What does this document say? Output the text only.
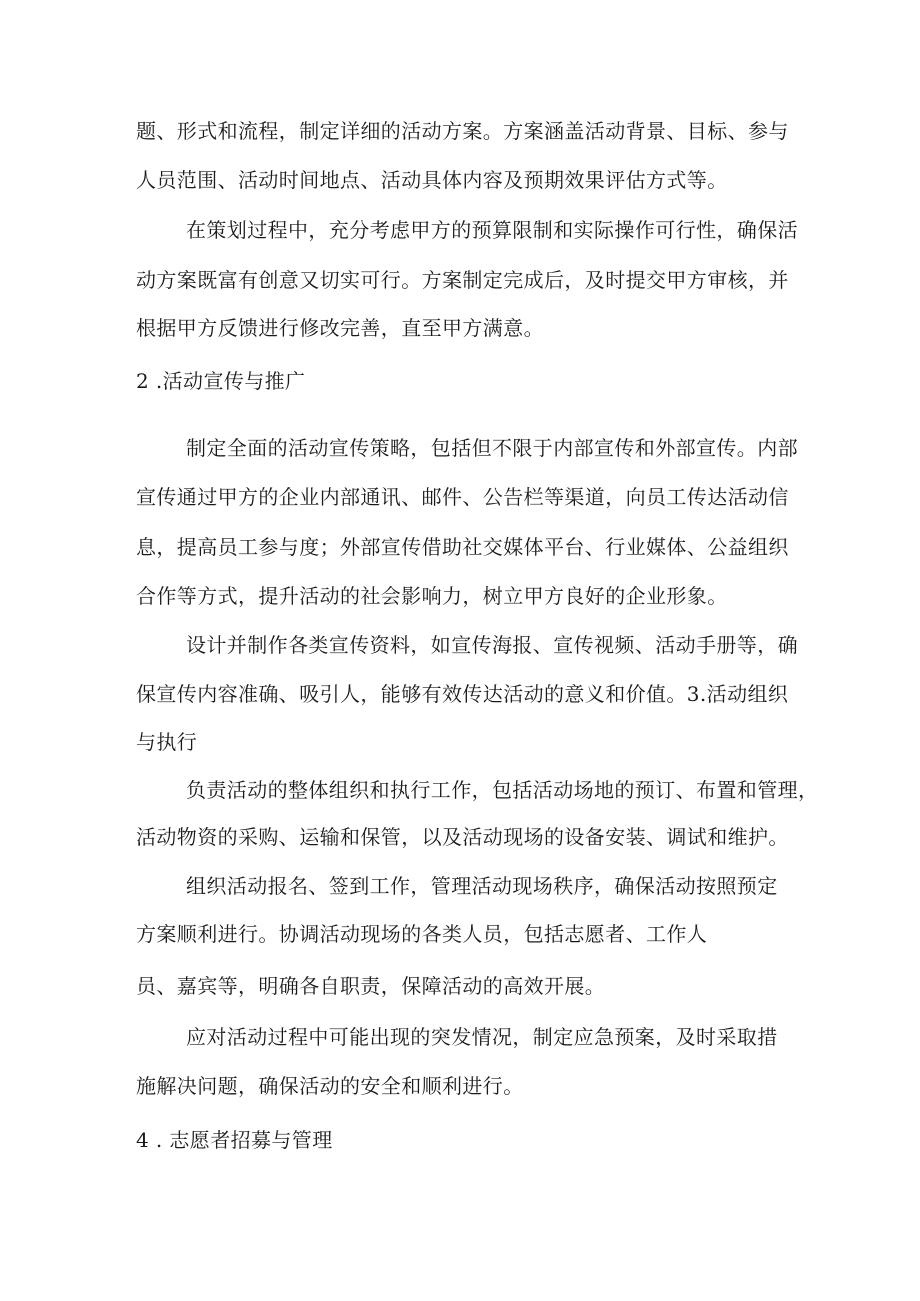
题、形式和流程，制定详细的活动方案。方案涵盖活动背景、目标、参与
人员范围、活动时间地点、活动具体内容及预期效果评估方式等。
在策划过程中，充分考虑甲方的预算限制和实际操作可行性，确保活
动方案既富有创意又切实可行。方案制定完成后，及时提交甲方审核，并
根据甲方反馈进行修改完善，直至甲方满意。
2 .活动宣传与推广
制定全面的活动宣传策略，包括但不限于内部宣传和外部宣传。内部
宣传通过甲方的企业内部通讯、邮件、公告栏等渠道，向员工传达活动信
息，提高员工参与度；外部宣传借助社交媒体平台、行业媒体、公益组织
合作等方式，提升活动的社会影响力，树立甲方良好的企业形象。
设计并制作各类宣传资料，如宣传海报、宣传视频、活动手册等，确
保宣传内容准确、吸引人，能够有效传达活动的意义和价值。3.活动组织
与执行
负责活动的整体组织和执行工作，包括活动场地的预订、布置和管理，
活动物资的采购、运输和保管，以及活动现场的设备安装、调试和维护。
组织活动报名、签到工作，管理活动现场秩序，确保活动按照预定
方案顺利进行。协调活动现场的各类人员，包括志愿者、工作人
员、嘉宾等，明确各自职责，保障活动的高效开展。
应对活动过程中可能出现的突发情况，制定应急预案，及时采取措
施解决问题，确保活动的安全和顺利进行。
4 . 志愿者招募与管理
